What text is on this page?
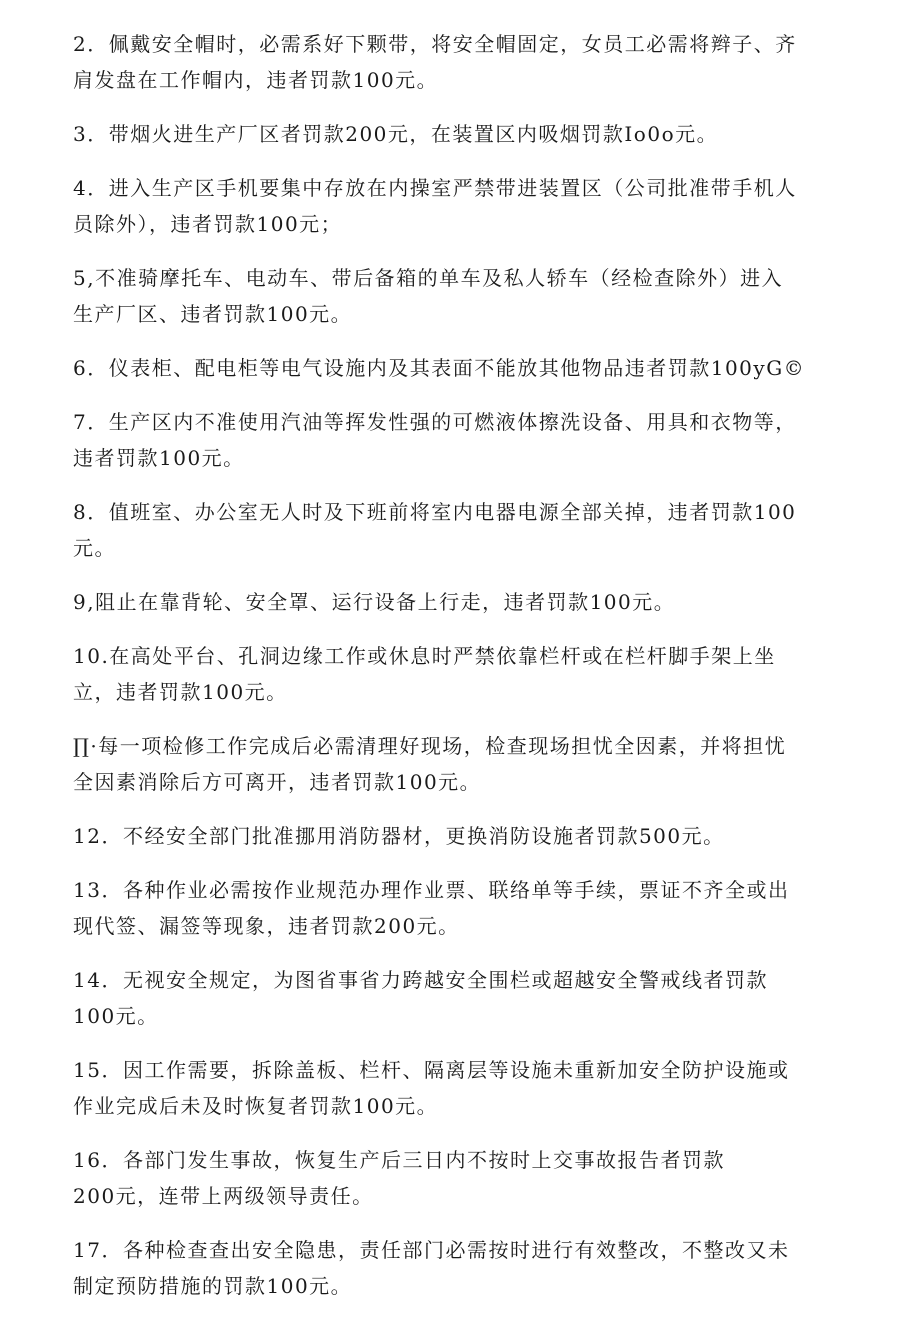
2．佩戴安全帽时，必需系好下颗带，将安全帽固定，女员工必需将辫子、齐
肩发盘在工作帽内，违者罚款100元。
3．带烟火进生产厂区者罚款200元，在装置区内吸烟罚款Io0o元。
4．进入生产区手机要集中存放在内操室严禁带进装置区（公司批准带手机人
员除外），违者罚款100元；
5,不准骑摩托车、电动车、带后备箱的单车及私人轿车（经检查除外）进入
生产厂区、违者罚款100元。
6．仪表柜、配电柜等电气设施内及其表面不能放其他物品违者罚款100yG©
7．生产区内不准使用汽油等挥发性强的可燃液体擦洗设备、用具和衣物等，
违者罚款100元。
8．值班室、办公室无人时及下班前将室内电器电源全部关掉，违者罚款100
元。
9,阻止在靠背轮、安全罩、运行设备上行走，违者罚款100元。
10.在高处平台、孔洞边缘工作或休息时严禁依靠栏杆或在栏杆脚手架上坐
立，违者罚款100元。
∏·每一项检修工作完成后必需清理好现场，检查现场担忧全因素，并将担忧
全因素消除后方可离开，违者罚款100元。
12．不经安全部门批准挪用消防器材，更换消防设施者罚款500元。
13．各种作业必需按作业规范办理作业票、联络单等手续，票证不齐全或出
现代签、漏签等现象，违者罚款200元。
14．无视安全规定，为图省事省力跨越安全围栏或超越安全警戒线者罚款
100元。
15．因工作需要，拆除盖板、栏杆、隔离层等设施未重新加安全防护设施或
作业完成后未及时恢复者罚款100元。
16．各部门发生事故，恢复生产后三日内不按时上交事故报告者罚款
200元，连带上两级领导责任。
17．各种检查查出安全隐患，责任部门必需按时进行有效整改，不整改又未
制定预防措施的罚款100元。
